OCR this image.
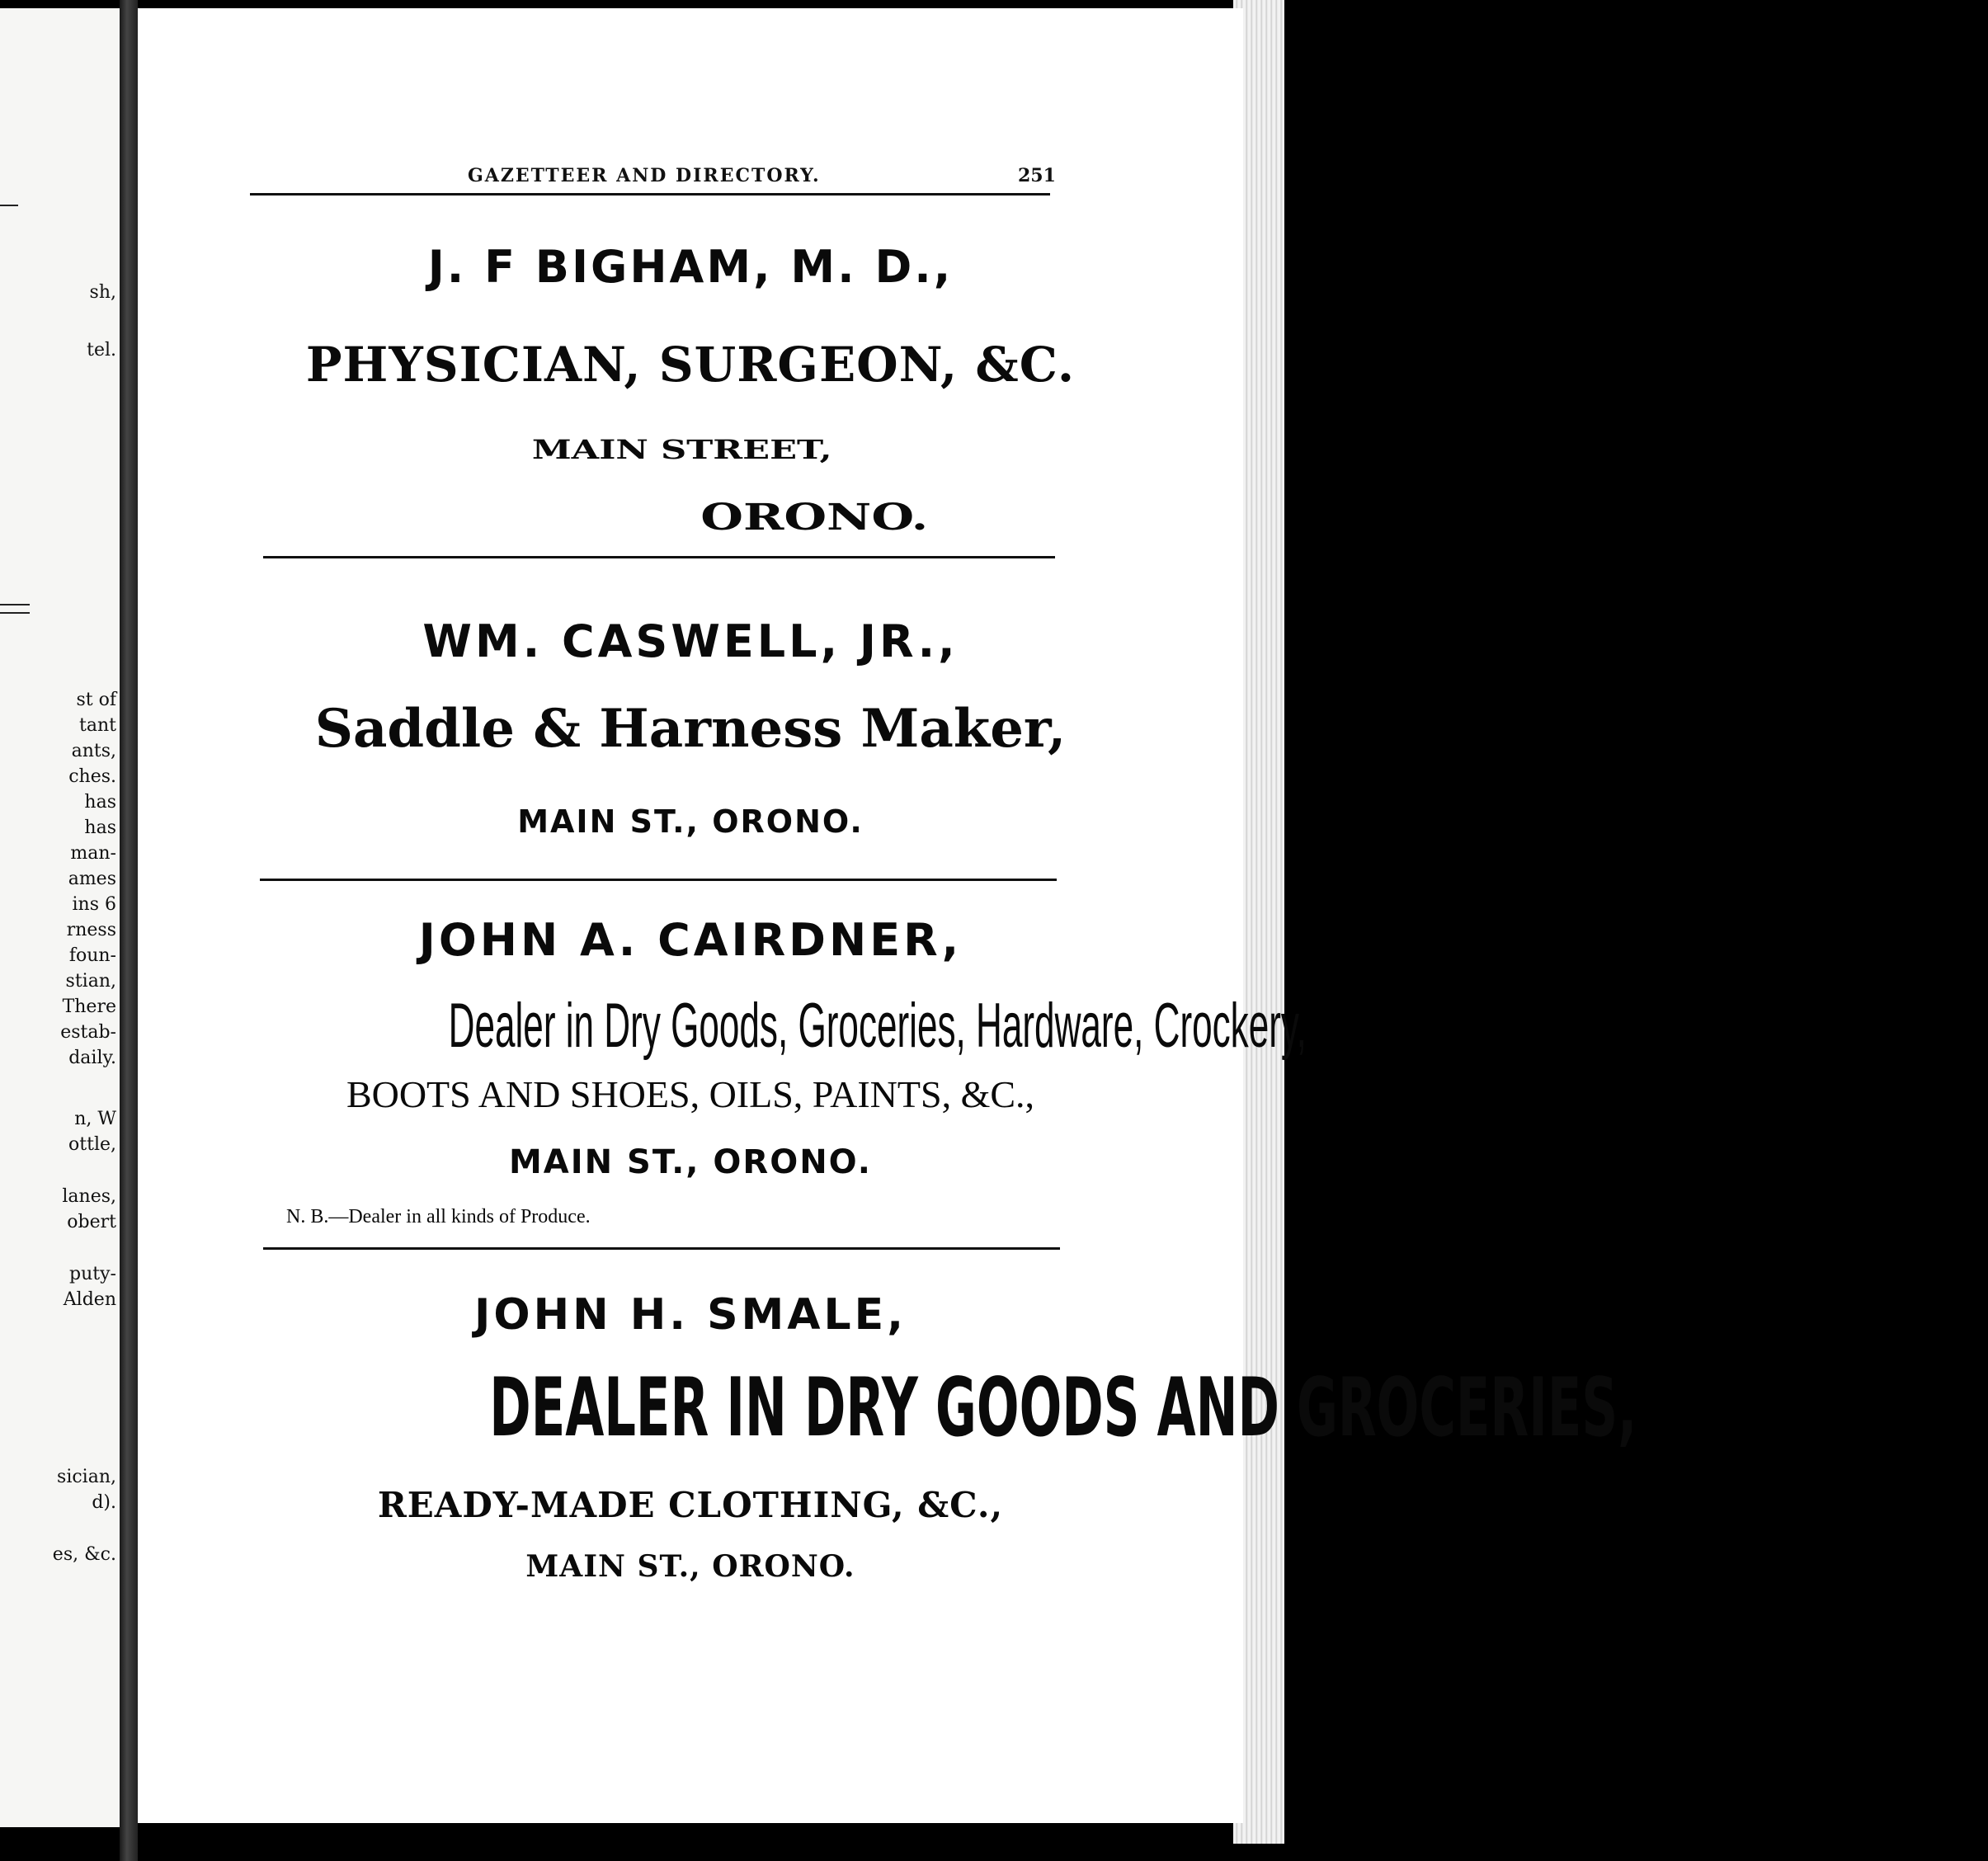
sh,
tel.
st of
tant
ants,
ches.
has
has
man-
ames
ins 6
rness
foun-
stian,
There
estab-
daily.
n, W
ottle,
lanes,
obert
puty-
Alden
sician,
d).
es, &c.
GAZETTEER AND DIRECTORY.	251
J. F BIGHAM, M. D.,
PHYSICIAN, SURGEON, &C.
MAIN STREET,
ORONO.
WM. CASWELL, JR.,
Saddle & Harness Maker,
MAIN ST., ORONO.
JOHN A. CAIRDNER,
Dealer in Dry Goods, Groceries, Hardware, Crockery,
BOOTS AND SHOES, OILS, PAINTS, &C.,
MAIN ST., ORONO.
N. B.—Dealer in all kinds of Produce.
JOHN H. SMALE,
DEALER IN DRY GOODS AND GROCERIES,
READY-MADE CLOTHING, &C.,
MAIN ST., ORONO.
